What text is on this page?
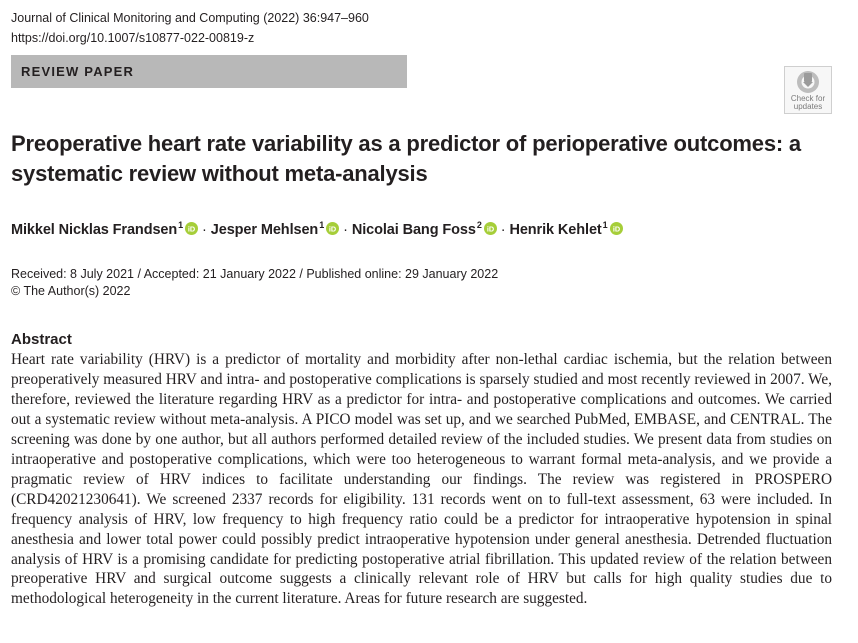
Journal of Clinical Monitoring and Computing (2022) 36:947–960
https://doi.org/10.1007/s10877-022-00819-z
REVIEW PAPER
Check for
updates
Preoperative heart rate variability as a predictor of perioperative outcomes: a systematic review without meta-analysis
Mikkel Nicklas Frandsen$^1$ iD · Jesper Mehlsen$^1$ iD · Nicolai Bang Foss$^2$ iD · Henrik Kehlet$^1$ iD
Received: 8 July 2021 / Accepted: 21 January 2022 / Published online: 29 January 2022
© The Author(s) 2022
Abstract

Heart rate variability (HRV) is a predictor of mortality and morbidity after non-lethal cardiac ischemia, but the relation between preoperatively measured HRV and intra- and postoperative complications is sparsely studied and most recently reviewed in 2007. We, therefore, reviewed the literature regarding HRV as a predictor for intra- and postoperative complications and outcomes. We carried out a systematic review without meta-analysis. A PICO model was set up, and we searched PubMed, EMBASE, and CENTRAL. The screening was done by one author, but all authors performed detailed review of the included studies. We present data from studies on intraoperative and postoperative complications, which were too heterogeneous to warrant formal meta-analysis, and we provide a pragmatic review of HRV indices to facilitate understanding our findings. The review was registered in PROSPERO (CRD42021230641). We screened 2337 records for eligibility. 131 records went on to full-text assessment, 63 were included. In frequency analysis of HRV, low frequency to high frequency ratio could be a predictor for intraoperative hypotension in spinal anesthesia and lower total power could possibly predict intraoperative hypotension under general anesthesia. Detrended fluctuation analysis of HRV is a promising candidate for predicting postoperative atrial fibrillation. This updated review of the relation between preoperative HRV and surgical outcome suggests a clinically relevant role of HRV but calls for high quality studies due to methodological heterogeneity in the current literature. Areas for future research are suggested.
